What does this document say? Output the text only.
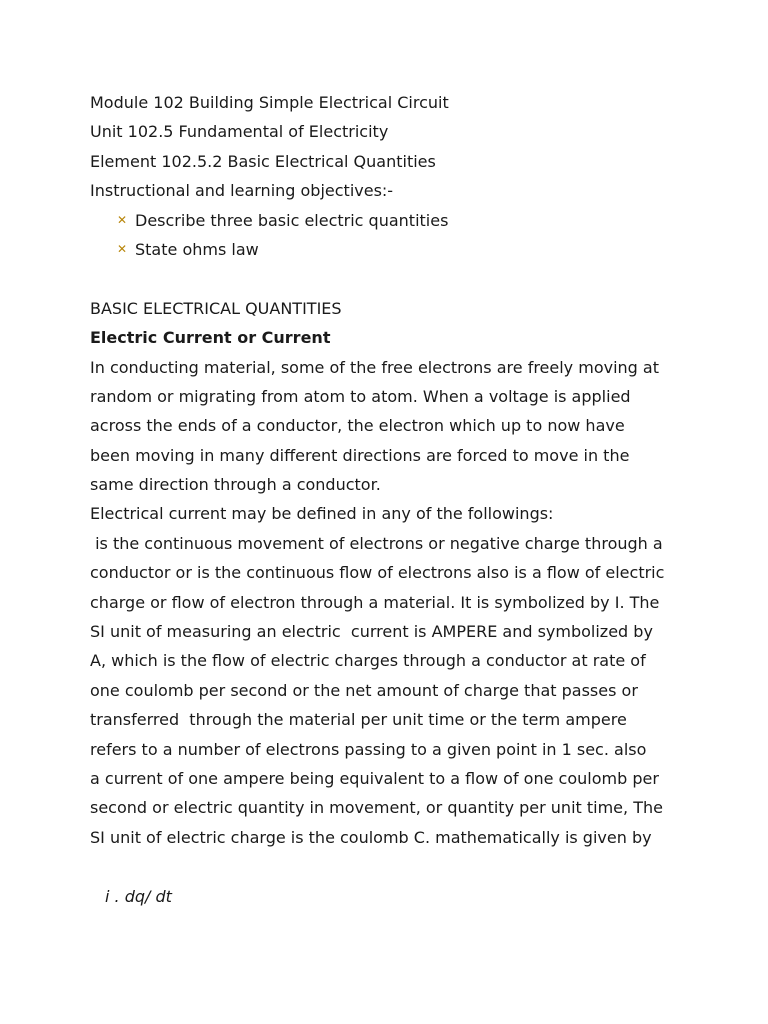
Module 102 Building Simple Electrical Circuit
Unit 102.5 Fundamental of Electricity
Element 102.5.2 Basic Electrical Quantities
Instructional and learning objectives:-
✕ Describe three basic electric quantities
✕ State ohms law
BASIC ELECTRICAL QUANTITIES
Electric Current or Current
In conducting material, some of the free electrons are freely moving at
random or migrating from atom to atom. When a voltage is applied
across the ends of a conductor, the electron which up to now have
been moving in many different directions are forced to move in the
same direction through a conductor.
Electrical current may be defined in any of the followings:
is the continuous movement of electrons or negative charge through a
conductor or is the continuous flow of electrons also is a flow of electric
charge or flow of electron through a material. It is symbolized by I. The
SI unit of measuring an electric  current is AMPERE and symbolized by
A, which is the flow of electric charges through a conductor at rate of
one coulomb per second or the net amount of charge that passes or
transferred  through the material per unit time or the term ampere
refers to a number of electrons passing to a given point in 1 sec. also
a current of one ampere being equivalent to a flow of one coulomb per
second or electric quantity in movement, or quantity per unit time, The
SI unit of electric charge is the coulomb C. mathematically is given by
i . dq/ dt
